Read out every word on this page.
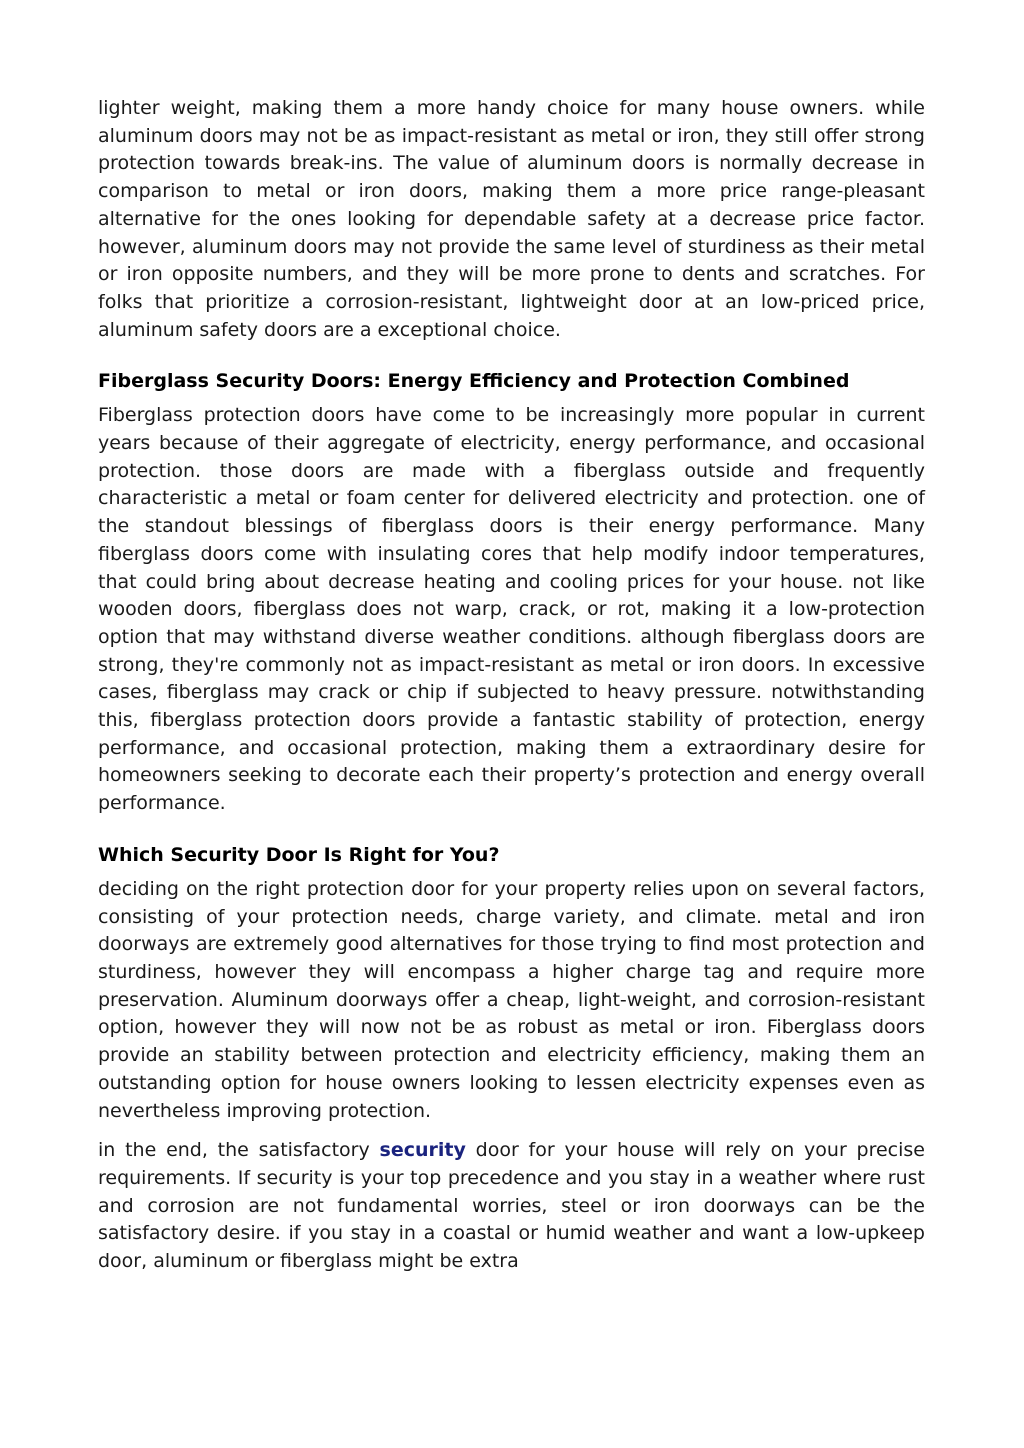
lighter weight, making them a more handy choice for many house owners. while aluminum doors may not be as impact-resistant as metal or iron, they still offer strong protection towards break-ins. The value of aluminum doors is normally decrease in comparison to metal or iron doors, making them a more price range-pleasant alternative for the ones looking for dependable safety at a decrease price factor. however, aluminum doors may not provide the same level of sturdiness as their metal or iron opposite numbers, and they will be more prone to dents and scratches. For folks that prioritize a corrosion-resistant, lightweight door at an low-priced price, aluminum safety doors are a exceptional choice.

Fiberglass Security Doors: Energy Efficiency and Protection Combined

Fiberglass protection doors have come to be increasingly more popular in current years because of their aggregate of electricity, energy performance, and occasional protection. those doors are made with a fiberglass outside and frequently characteristic a metal or foam center for delivered electricity and protection. one of the standout blessings of fiberglass doors is their energy performance. Many fiberglass doors come with insulating cores that help modify indoor temperatures, that could bring about decrease heating and cooling prices for your house. not like wooden doors, fiberglass does not warp, crack, or rot, making it a low-protection option that may withstand diverse weather conditions. although fiberglass doors are strong, they're commonly not as impact-resistant as metal or iron doors. In excessive cases, fiberglass may crack or chip if subjected to heavy pressure. notwithstanding this, fiberglass protection doors provide a fantastic stability of protection, energy performance, and occasional protection, making them a extraordinary desire for homeowners seeking to decorate each their property’s protection and energy overall performance.

Which Security Door Is Right for You?

deciding on the right protection door for your property relies upon on several factors, consisting of your protection needs, charge variety, and climate. metal and iron doorways are extremely good alternatives for those trying to find most protection and sturdiness, however they will encompass a higher charge tag and require more preservation. Aluminum doorways offer a cheap, light-weight, and corrosion-resistant option, however they will now not be as robust as metal or iron. Fiberglass doors provide an stability between protection and electricity efficiency, making them an outstanding option for house owners looking to lessen electricity expenses even as nevertheless improving protection.

in the end, the satisfactory security door for your house will rely on your precise requirements. If security is your top precedence and you stay in a weather where rust and corrosion are not fundamental worries, steel or iron doorways can be the satisfactory desire. if you stay in a coastal or humid weather and want a low-upkeep door, aluminum or fiberglass might be extra
